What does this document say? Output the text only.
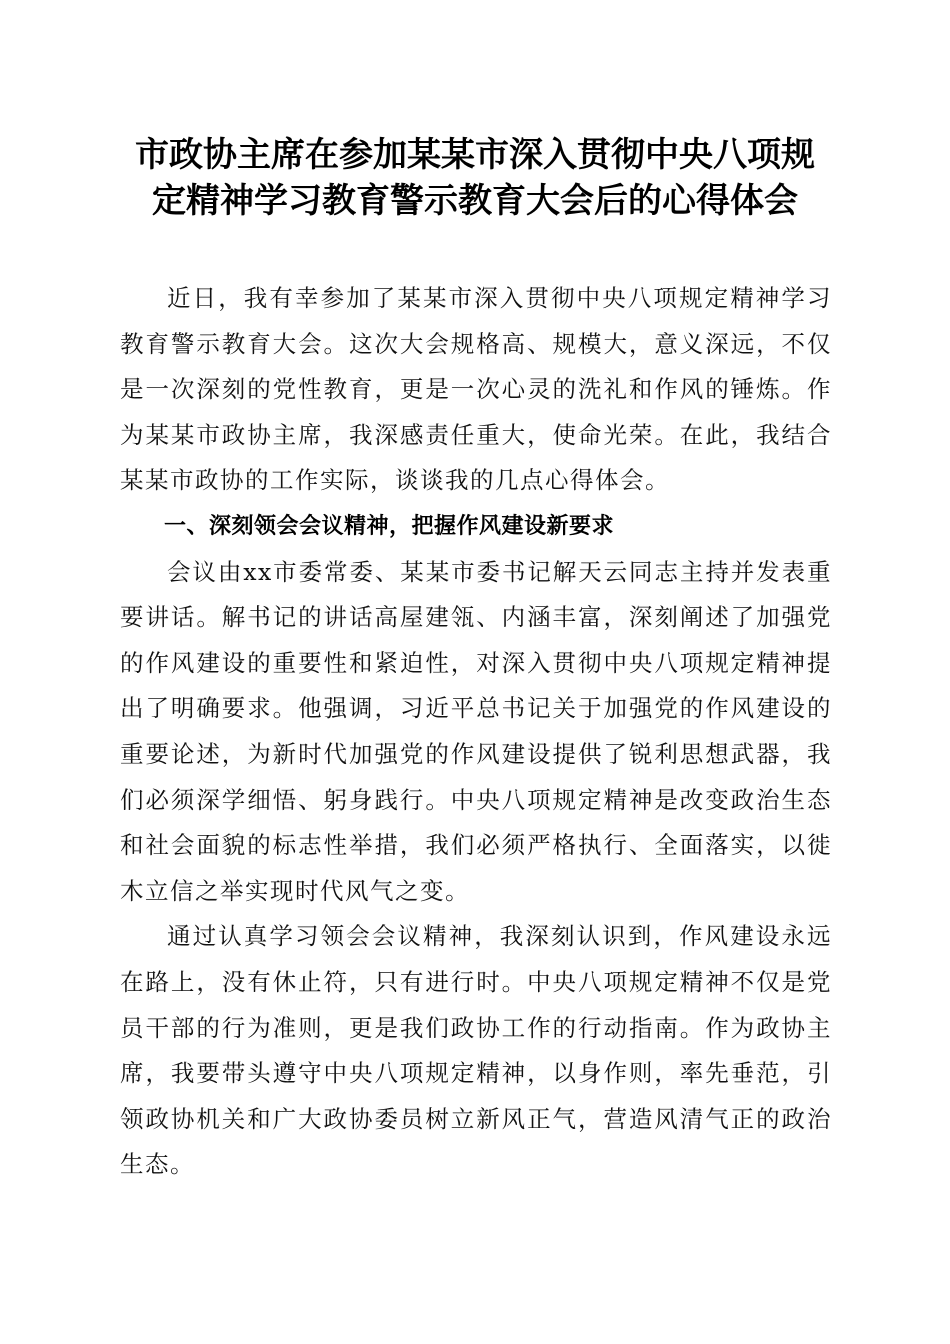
市政协主席在参加某某市深入贯彻中央八项规
定精神学习教育警示教育大会后的心得体会

近日，我有幸参加了某某市深入贯彻中央八项规定精神学习教育警示教育大会。这次大会规格高、规模大，意义深远，不仅是一次深刻的党性教育，更是一次心灵的洗礼和作风的锤炼。作为某某市政协主席，我深感责任重大，使命光荣。在此，我结合某某市政协的工作实际，谈谈我的几点心得体会。

一、深刻领会会议精神，把握作风建设新要求

会议由xx市委常委、某某市委书记解天云同志主持并发表重要讲话。解书记的讲话高屋建瓴、内涵丰富，深刻阐述了加强党的作风建设的重要性和紧迫性，对深入贯彻中央八项规定精神提出了明确要求。他强调，习近平总书记关于加强党的作风建设的重要论述，为新时代加强党的作风建设提供了锐利思想武器，我们必须深学细悟、躬身践行。中央八项规定精神是改变政治生态和社会面貌的标志性举措，我们必须严格执行、全面落实，以徙木立信之举实现时代风气之变。

通过认真学习领会会议精神，我深刻认识到，作风建设永远在路上，没有休止符，只有进行时。中央八项规定精神不仅是党员干部的行为准则，更是我们政协工作的行动指南。作为政协主席，我要带头遵守中央八项规定精神，以身作则，率先垂范，引领政协机关和广大政协委员树立新风正气，营造风清气正的政治生态。
